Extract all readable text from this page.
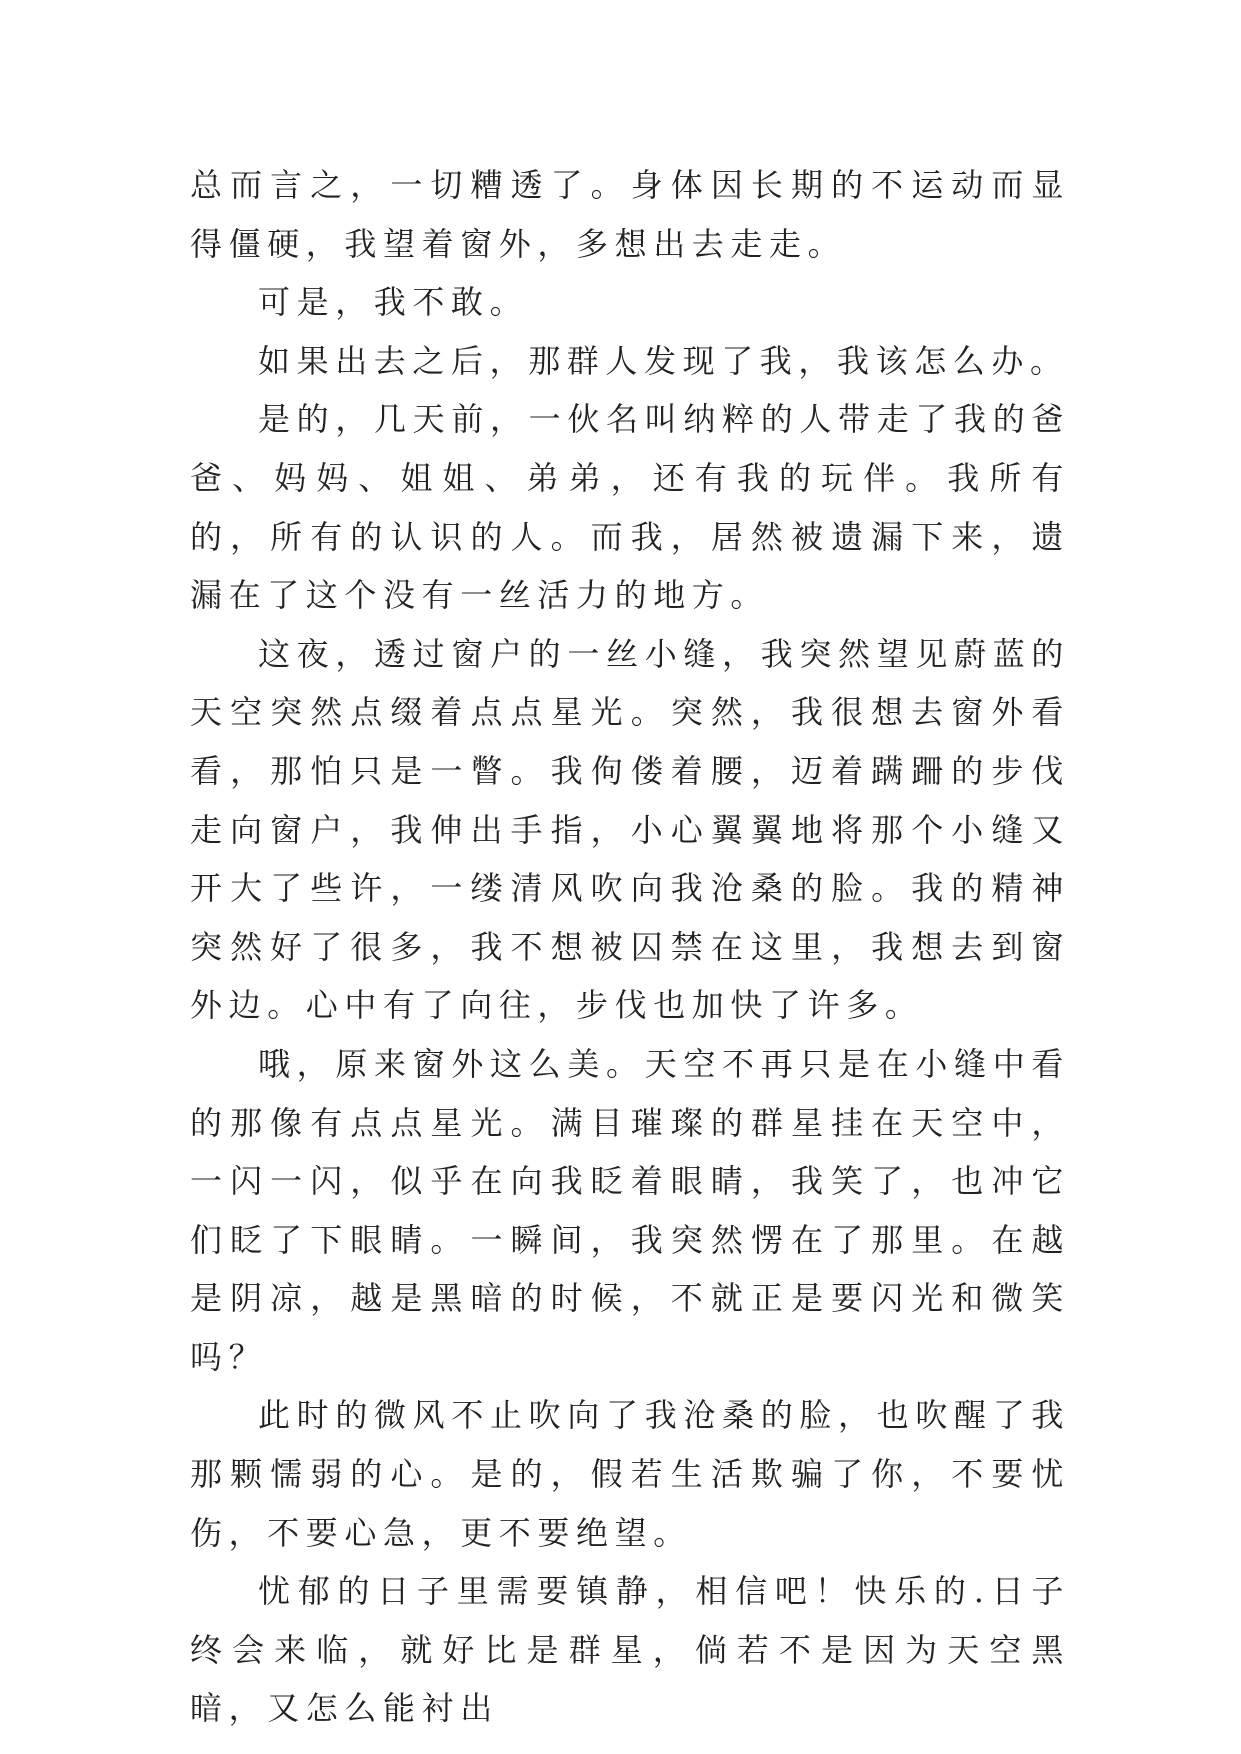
总而言之，一切糟透了。身体因长期的不运动而显得僵硬，我望着窗外，多想出去走走。

可是，我不敢。

如果出去之后，那群人发现了我，我该怎么办。

是的，几天前，一伙名叫纳粹的人带走了我的爸爸、妈妈、姐姐、弟弟，还有我的玩伴。我所有的，所有的认识的人。而我，居然被遗漏下来，遗漏在了这个没有一丝活力的地方。

这夜，透过窗户的一丝小缝，我突然望见蔚蓝的天空突然点缀着点点星光。突然，我很想去窗外看看，那怕只是一瞥。我佝偻着腰，迈着蹒跚的步伐走向窗户，我伸出手指，小心翼翼地将那个小缝又开大了些许，一缕清风吹向我沧桑的脸。我的精神突然好了很多，我不想被囚禁在这里，我想去到窗外边。心中有了向往，步伐也加快了许多。

哦，原来窗外这么美。天空不再只是在小缝中看的那像有点点星光。满目璀璨的群星挂在天空中，一闪一闪，似乎在向我眨着眼睛，我笑了，也冲它们眨了下眼睛。一瞬间，我突然愣在了那里。在越是阴凉，越是黑暗的时候，不就正是要闪光和微笑吗？

此时的微风不止吹向了我沧桑的脸，也吹醒了我那颗懦弱的心。是的，假若生活欺骗了你，不要忧伤，不要心急，更不要绝望。

忧郁的日子里需要镇静，相信吧！快乐的.日子终会来临，就好比是群星，倘若不是因为天空黑暗，又怎么能衬出
